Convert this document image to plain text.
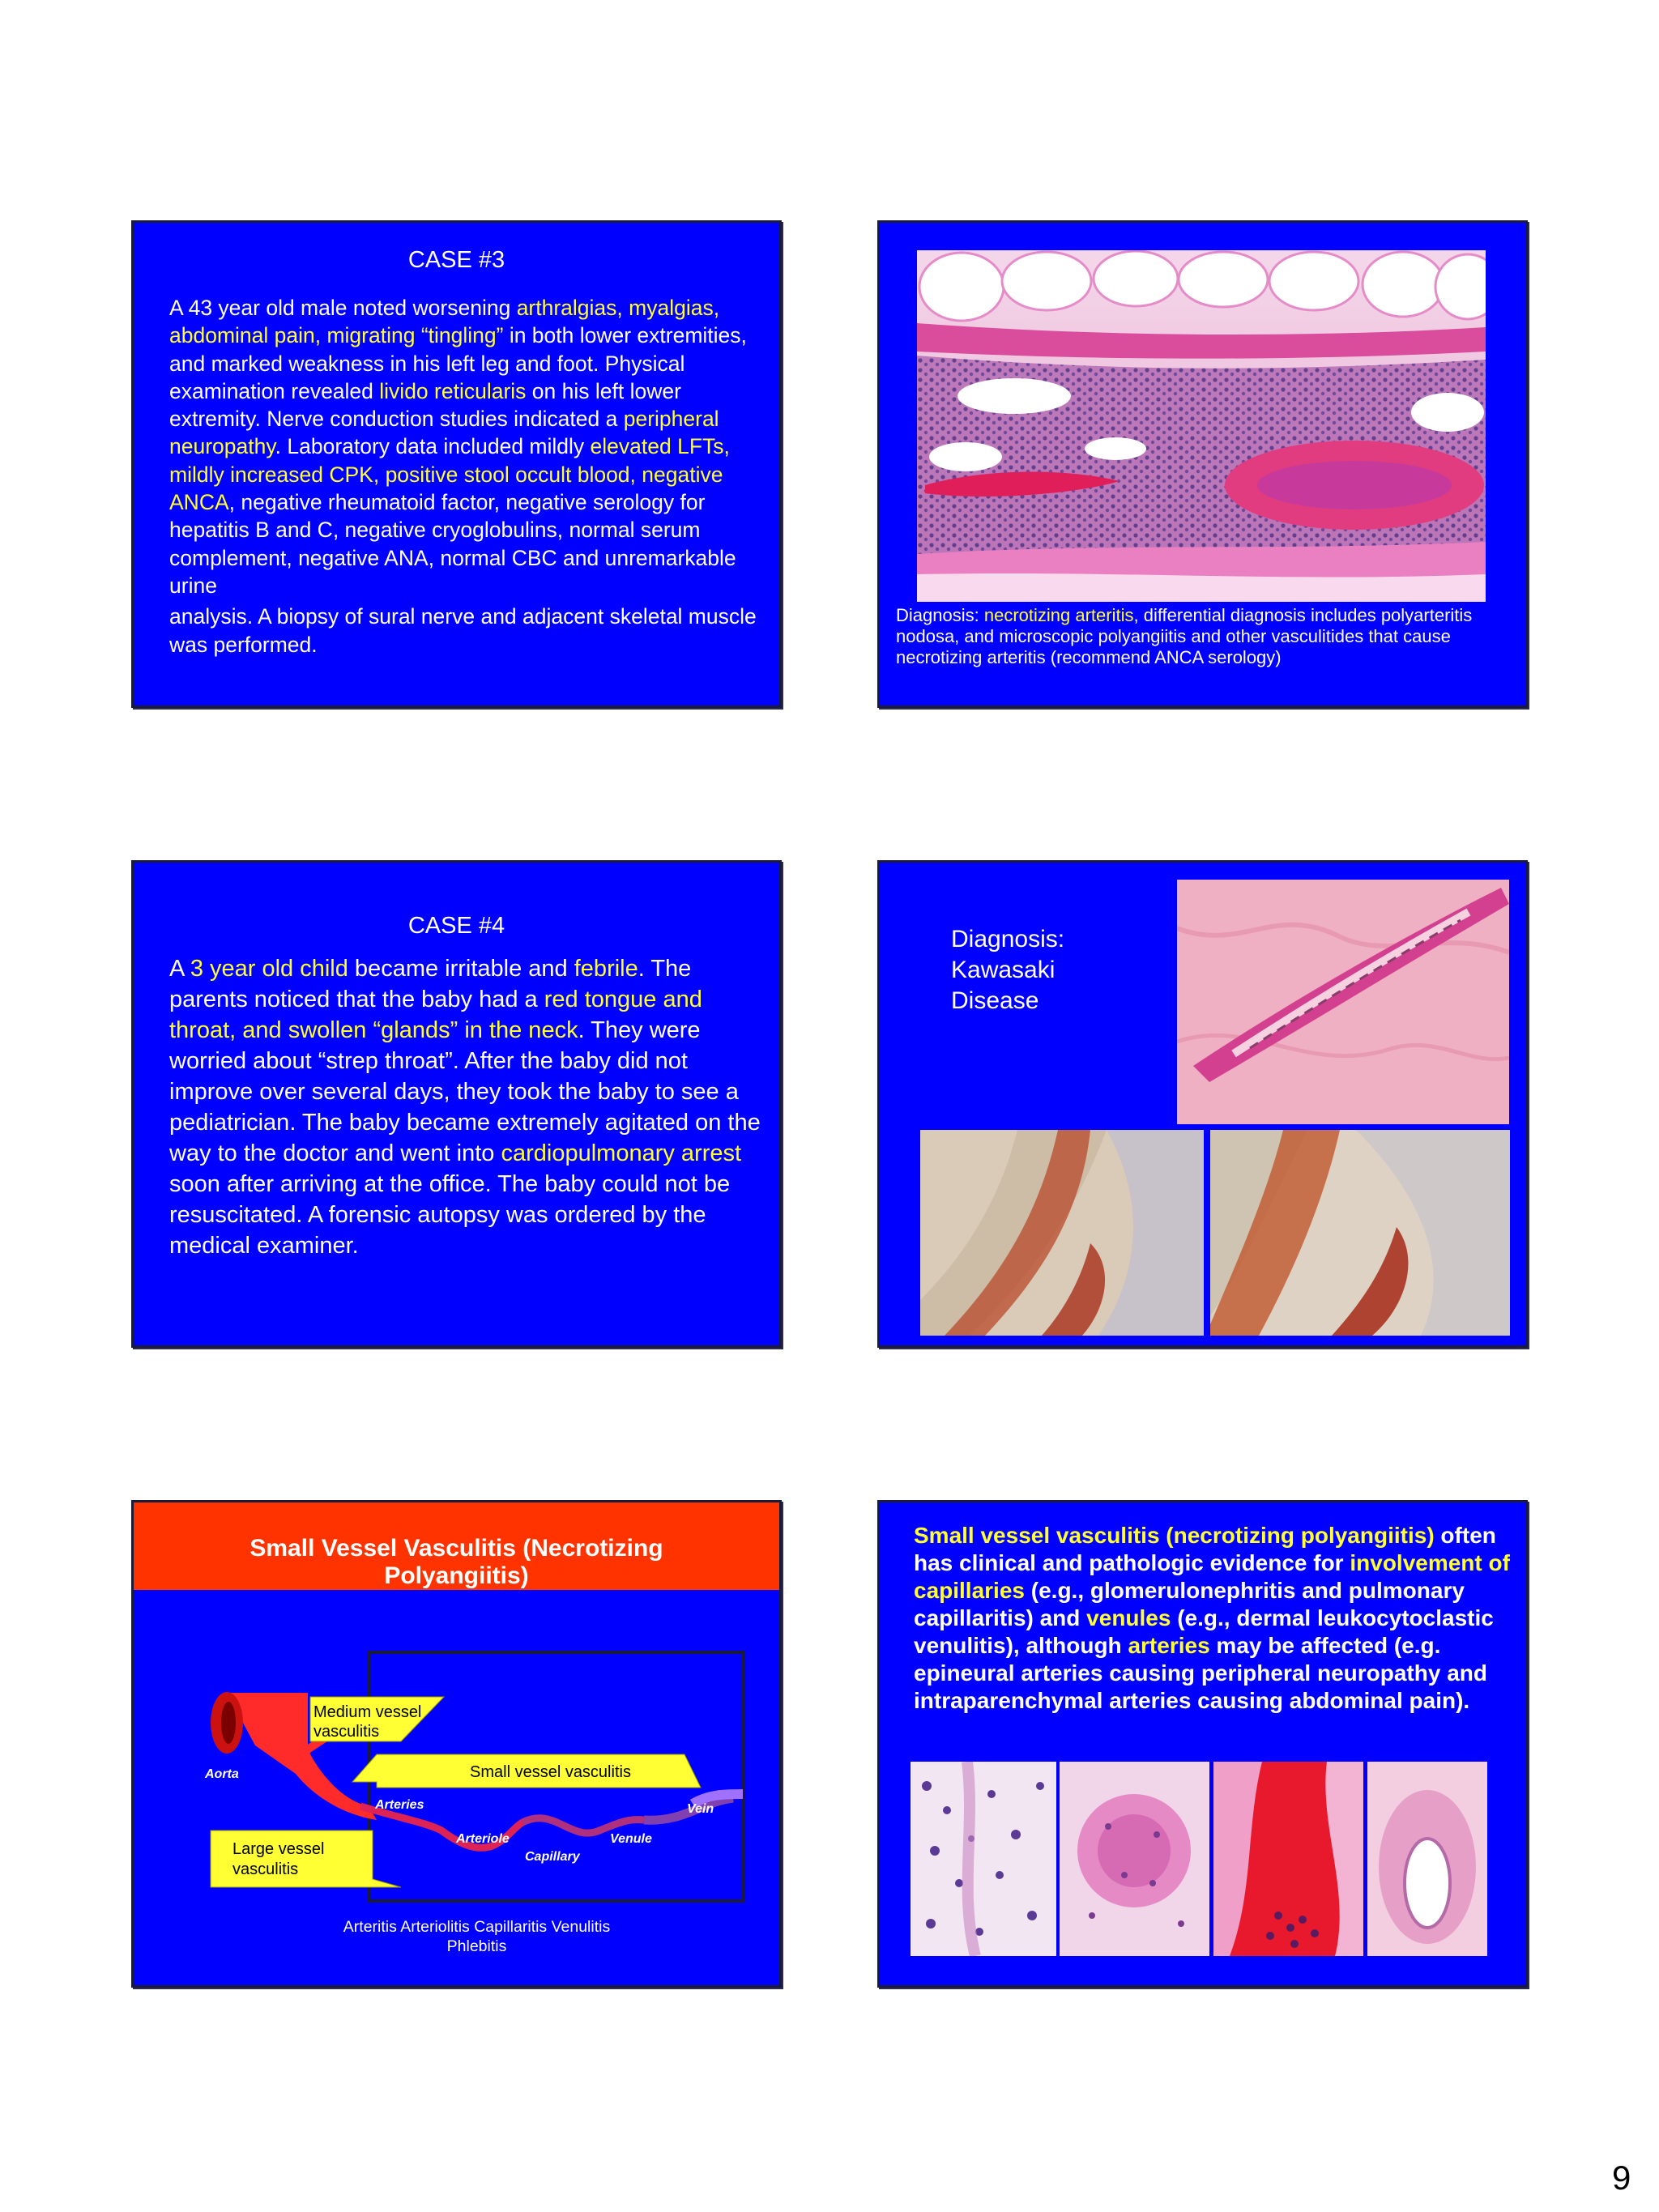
CASE #3
A 43 year old male noted worsening arthralgias, myalgias, abdominal pain, migrating “tingling” in both lower extremities, and marked weakness in his left leg and foot. Physical examination revealed livido reticularis on his left lower extremity. Nerve conduction studies indicated a peripheral neuropathy. Laboratory data included mildly elevated LFTs, mildly increased CPK, positive stool occult blood, negative ANCA, negative rheumatoid factor, negative serology for hepatitis B and C, negative cryoglobulins, normal serum complement, negative ANA, normal CBC and unremarkable urine
analysis. A biopsy of sural nerve and adjacent skeletal muscle was performed.
Diagnosis: necrotizing arteritis, differential diagnosis includes polyarteritis nodosa, and microscopic polyangiitis and other vasculitides that cause necrotizing arteritis (recommend ANCA serology)
CASE #4
A 3 year old child became irritable and febrile. The parents noticed that the baby had a red tongue and throat, and swollen “glands” in the neck. They were worried about “strep throat”. After the baby did not improve over several days, they took the baby to see a pediatrician. The baby became extremely agitated on the way to the doctor and went into cardiopulmonary arrest soon after arriving at the office. The baby could not be resuscitated. A forensic autopsy was ordered by the medical examiner.
Diagnosis:
Kawasaki
Disease
Small Vessel Vasculitis (Necrotizing
Polyangiitis)
Medium vessel
vasculitis
Small vessel vasculitis
Large vessel
vasculitis
Aorta
Arteries
Arteriole
Capillary
Venule
Vein
Arteritis Arteriolitis Capillaritis Venulitis
Phlebitis
Small vessel vasculitis (necrotizing polyangiitis) often has clinical and pathologic evidence for involvement of capillaries (e.g., glomerulonephritis and pulmonary capillaritis) and venules (e.g., dermal leukocytoclastic venulitis), although arteries may be affected (e.g. epineural arteries causing peripheral neuropathy and intraparenchymal arteries causing abdominal pain).
9
